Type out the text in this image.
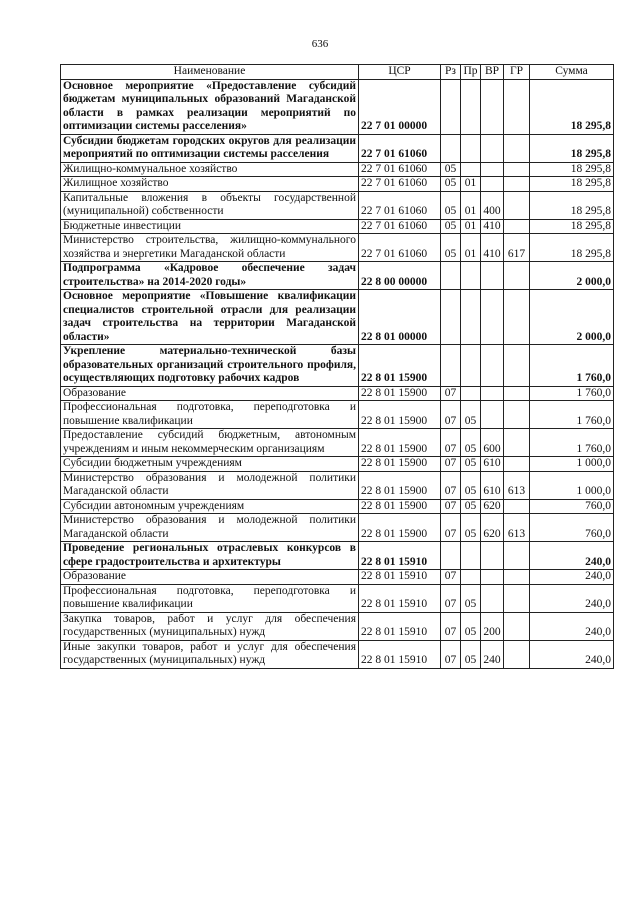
636
Наименование	ЦСР	Рз	Пр	ВР	ГР	Сумма
Основное мероприятие «Предоставление субсидий бюджетам муниципальных образований Магаданской области в рамках реализации мероприятий по оптимизации системы расселения»	22 7 01 00000					18 295,8
Субсидии бюджетам городских округов для реализации мероприятий по оптимизации системы расселения	22 7 01 61060					18 295,8
Жилищно-коммунальное хозяйство	22 7 01 61060	05				18 295,8
Жилищное хозяйство	22 7 01 61060	05	01			18 295,8
Капитальные вложения в объекты государственной (муниципальной) собственности	22 7 01 61060	05	01	400		18 295,8
Бюджетные инвестиции	22 7 01 61060	05	01	410		18 295,8
Министерство строительства, жилищно-коммунального хозяйства и энергетики Магаданской области	22 7 01 61060	05	01	410	617	18 295,8
Подпрограмма «Кадровое обеспечение задач строительства» на 2014-2020 годы»	22 8 00 00000					2 000,0
Основное мероприятие «Повышение квалификации специалистов строительной отрасли для реализации задач строительства на территории Магаданской области»	22 8 01 00000					2 000,0
Укрепление материально-технической базы образовательных организаций строительного профиля, осуществляющих подготовку рабочих кадров	22 8 01 15900					1 760,0
Образование	22 8 01 15900	07				1 760,0
Профессиональная подготовка, переподготовка и повышение квалификации	22 8 01 15900	07	05			1 760,0
Предоставление субсидий бюджетным, автономным учреждениям и иным некоммерческим организациям	22 8 01 15900	07	05	600		1 760,0
Субсидии бюджетным учреждениям	22 8 01 15900	07	05	610		1 000,0
Министерство образования и молодежной политики Магаданской области	22 8 01 15900	07	05	610	613	1 000,0
Субсидии автономным учреждениям	22 8 01 15900	07	05	620		760,0
Министерство образования и молодежной политики Магаданской области	22 8 01 15900	07	05	620	613	760,0
Проведение региональных отраслевых конкурсов в сфере градостроительства и архитектуры	22 8 01 15910					240,0
Образование	22 8 01 15910	07				240,0
Профессиональная подготовка, переподготовка и повышение квалификации	22 8 01 15910	07	05			240,0
Закупка товаров, работ и услуг для обеспечения государственных (муниципальных) нужд	22 8 01 15910	07	05	200		240,0
Иные закупки товаров, работ и услуг для обеспечения государственных (муниципальных) нужд	22 8 01 15910	07	05	240		240,0
